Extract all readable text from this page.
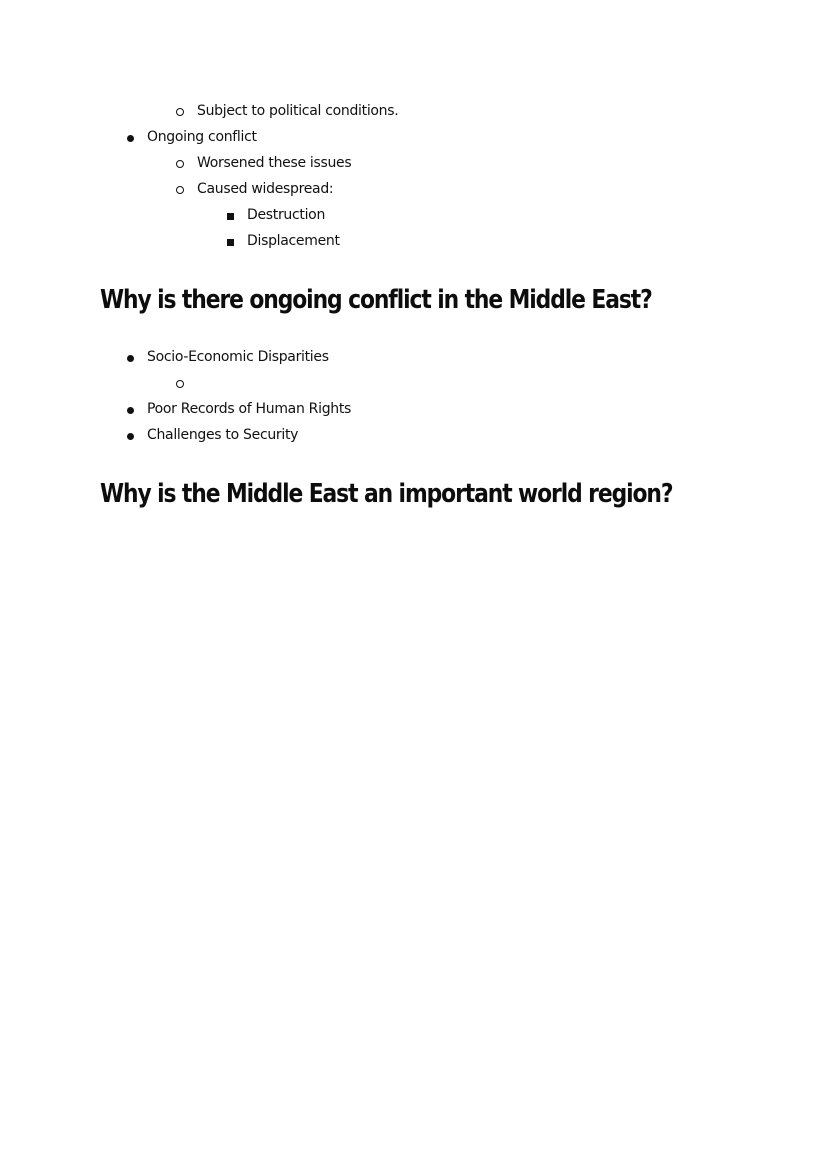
Subject to political conditions.
Ongoing conflict
Worsened these issues
Caused widespread:
Destruction
Displacement
Why is there ongoing conflict in the Middle East?
Socio-Economic Disparities
Poor Records of Human Rights
Challenges to Security
Why is the Middle East an important world region?
